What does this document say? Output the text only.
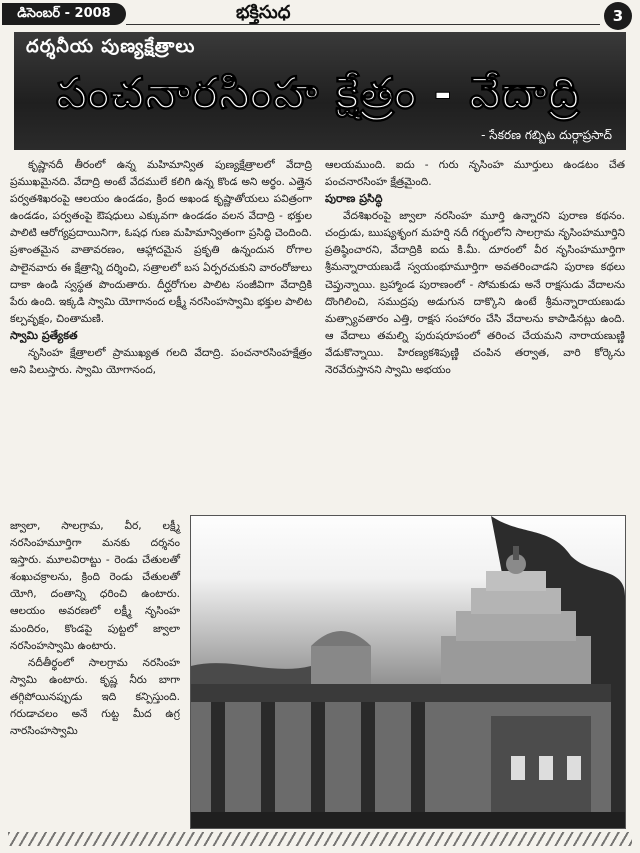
డిసెంబర్ - 2008	భక్తిసుధ	3
దర్శనీయ పుణ్యక్షేత్రాలు
పంచనారసింహ క్షేత్రం - వేదాద్రి
- సేకరణ గబ్బిట దుర్గాప్రసాద్

కృష్ణానదీ తీరంలో ఉన్న మహిమాన్విత పుణ్యక్షేత్రాలలో వేదాద్రి ప్రముఖమైనది. వేదాద్రి అంటే వేదములే కలిగి ఉన్న కొండ అని అర్థం. ఎత్తైన పర్వతశిఖరంపై ఆలయం ఉండడం, క్రింద అఖండ కృష్ణాతోయలు పవిత్రంగా ఉండడం, పర్వతంపై ఔషధులు ఎక్కువగా ఉండడం వలన వేదాద్రి - భక్తుల పాలిటి ఆరోగ్యప్రదాయినిగా, ఓషధ గుణ మహిమాన్వితంగా ప్రసిద్ధి చెందింది. ప్రశాంతమైన వాతావరణం, ఆహ్లాదమైన ప్రకృతి ఉన్నందున రోగాల పాలైనవారు ఈ క్షేత్రాన్ని దర్శించి, సత్రాలలో బస ఏర్పరచుకుని వారంరోజులు దాకా ఉండి స్వస్థత పొందుతారు. దీర్ఘరోగుల పాలిట సంజీవిగా వేదాద్రికి పేరు ఉంది. ఇక్కడి స్వామి యోగానంద లక్ష్మీ నరసింహస్వామి భక్తుల పాలిట కల్పవృక్షం, చింతామణి.

స్వామి ప్రత్యేకత

నృసింహ క్షేత్రాలలో ప్రాముఖ్యత గలది వేదాద్రి. పంచనారసింహక్షేత్రం అని పిలుస్తారు. స్వామి యోగానంద,

జ్వాలా, సాలగ్రామ, వీర, లక్ష్మీ నరసింహమూర్తిగా మనకు దర్శనం ఇస్తారు. మూలవిరాట్టు - రెండు చేతులతో శంఖుచక్రాలను, క్రింది రెండు చేతులతో యోగి, దంతాన్ని ధరించి ఉంటారు. ఆలయం అవరణలో లక్ష్మీ నృసింహ మందిరం, కొండపై పుట్టలో జ్వాలా నరసింహస్వామి ఉంటారు.

నదీతీర్థంలో సాలగ్రామ నరసింహ స్వామి ఉంటారు. కృష్ణ నీరు బాగా తగ్గిపోయినప్పుడు ఇది కన్పిస్తుంది. గరుడాచలం అనే గుట్ట మీద ఉగ్ర నారసింహస్వామి

ఆలయముంది. ఐదు - గురు నృసింహ మూర్తులు ఉండటం చేత పంచనారసింహ క్షేత్రమైంది.

పురాణ ప్రసిద్ధి

వేదశిఖరంపై జ్వాలా నరసింహ మూర్తి ఉన్నారని పురాణ కథనం. చంద్రుడు, ఋష్యశృంగ మహర్షి నదీ గర్భంలోని సాలగ్రామ నృసింహమూర్తిని ప్రతిష్ఠించారని, వేదాద్రికి ఐదు కి.మీ. దూరంలో వీర నృసింహమూర్తిగా శ్రీమన్నారాయణుడే స్వయంభూమూర్తిగా అవతరించాడని పురాణ కథలు చెప్తున్నాయి. బ్రహ్మాండ పురాణంలో - సోమకుడు అనే రాక్షసుడు వేదాలను దొంగిలించి, సముద్రపు అడుగున దాక్కొని ఉంటే శ్రీమన్నారాయణుడు మత్స్యావతారం ఎత్తి, రాక్షస సంహారం చేసి వేదాలను కాపాడినట్లు ఉంది. ఆ వేదాలు తమల్ని పురుషరూపంలో తరించ చేయమని నారాయణుణ్ణి వేడుకొన్నాయి. హిరణ్యకశిపుణ్ణి చంపిన తర్వాత, వారి కోర్కెను నెరవేరుస్తానని స్వామి అభయం
